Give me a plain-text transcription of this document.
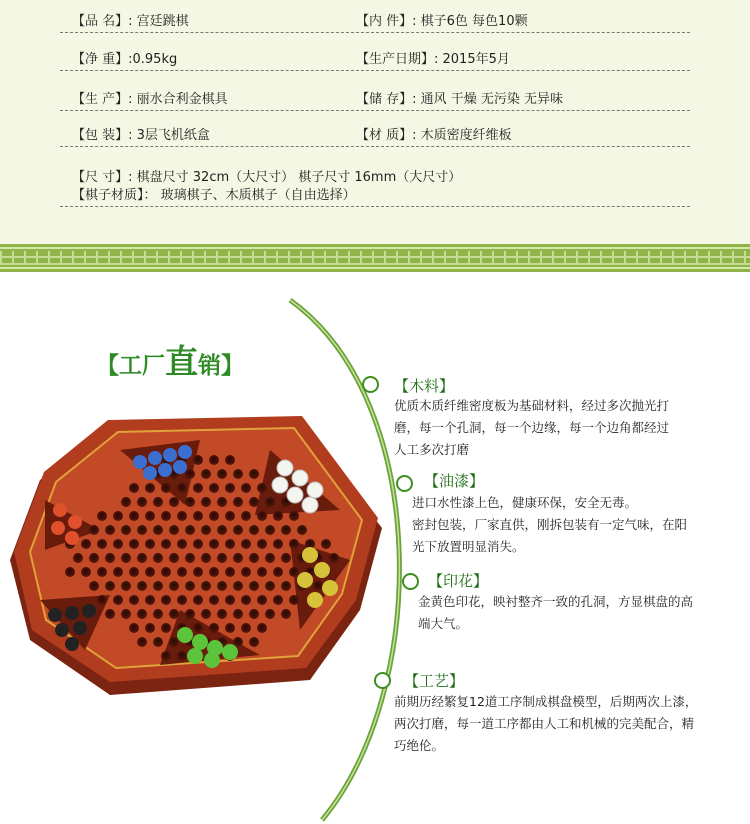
【品 名】: 宫廷跳棋	【内 件】: 棋子6色 每色10颗
【净 重】:0.95kg	【生产日期】: 2015年5月
【生 产】: 丽水合利金棋具	【储 存】: 通风 干燥 无污染 无异味
【包 装】: 3层飞机纸盒	【材 质】: 木质密度纤维板
【尺 寸】: 棋盘尺寸 32cm（大尺寸） 棋子尺寸 16mm（大尺寸）
【棋子材质】： 玻璃棋子、木质棋子（自由选择）
【工厂直销】
【木料】
优质木质纤维密度板为基础材料，经过多次抛光打
磨，每一个孔洞，每一个边缘，每一个边角都经过
人工多次打磨
【油漆】
进口水性漆上色，健康环保，安全无毒。
密封包装，厂家直供，刚拆包装有一定气味，在阳
光下放置明显消失。
【印花】
金黄色印花，映衬整齐一致的孔洞，方显棋盘的高
端大气。
【工艺】
前期历经繁复12道工序制成棋盘模型，后期两次上漆，
两次打磨，每一道工序都由人工和机械的完美配合，精
巧绝伦。
